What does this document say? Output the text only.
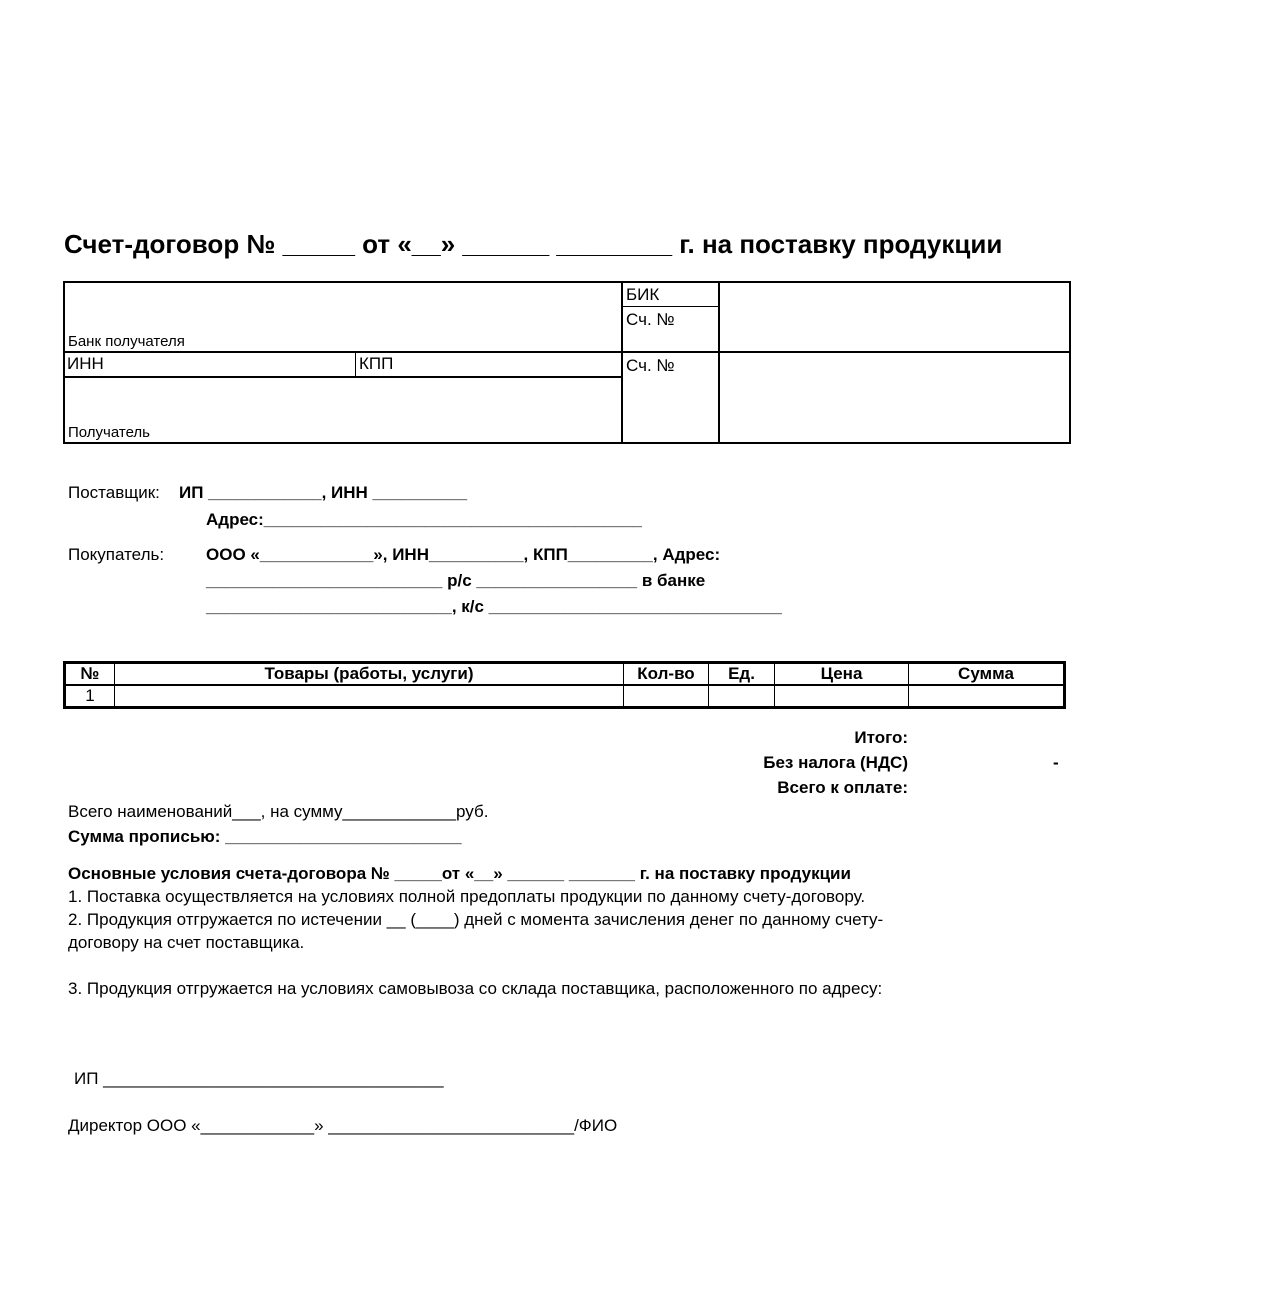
Счет-договор № _____ от «__» ______ ________ г. на поставку продукции
БИК
Сч. №
Банк получателя
ИНН	КПП	Сч. №
Получатель
Поставщик: ИП ____________, ИНН __________
Адрес:________________________________________
Покупатель: ООО «____________», ИНН__________, КПП_________, Адрес:
_________________________ р/с _________________ в банке
__________________________, к/с _______________________________
№	Товары (работы, услуги)	Кол-во	Ед.	Цена	Сумма
1					
Итого:
Без налога (НДС)	-
Всего к оплате:
Всего наименований___, на сумму____________руб.
Сумма прописью: _________________________
Основные условия счета-договора № _____от «__» ______ _______ г. на поставку продукции
1. Поставка осуществляется на условиях полной предоплаты продукции по данному счету-договору.
2. Продукция отгружается по истечении __ (____) дней с момента зачисления денег по данному счету-
договору на счет поставщика.
3. Продукция отгружается на условиях самовывоза со склада поставщика, расположенного по адресу:
ИП ____________________________________
Директор ООО «____________» __________________________/ФИО
